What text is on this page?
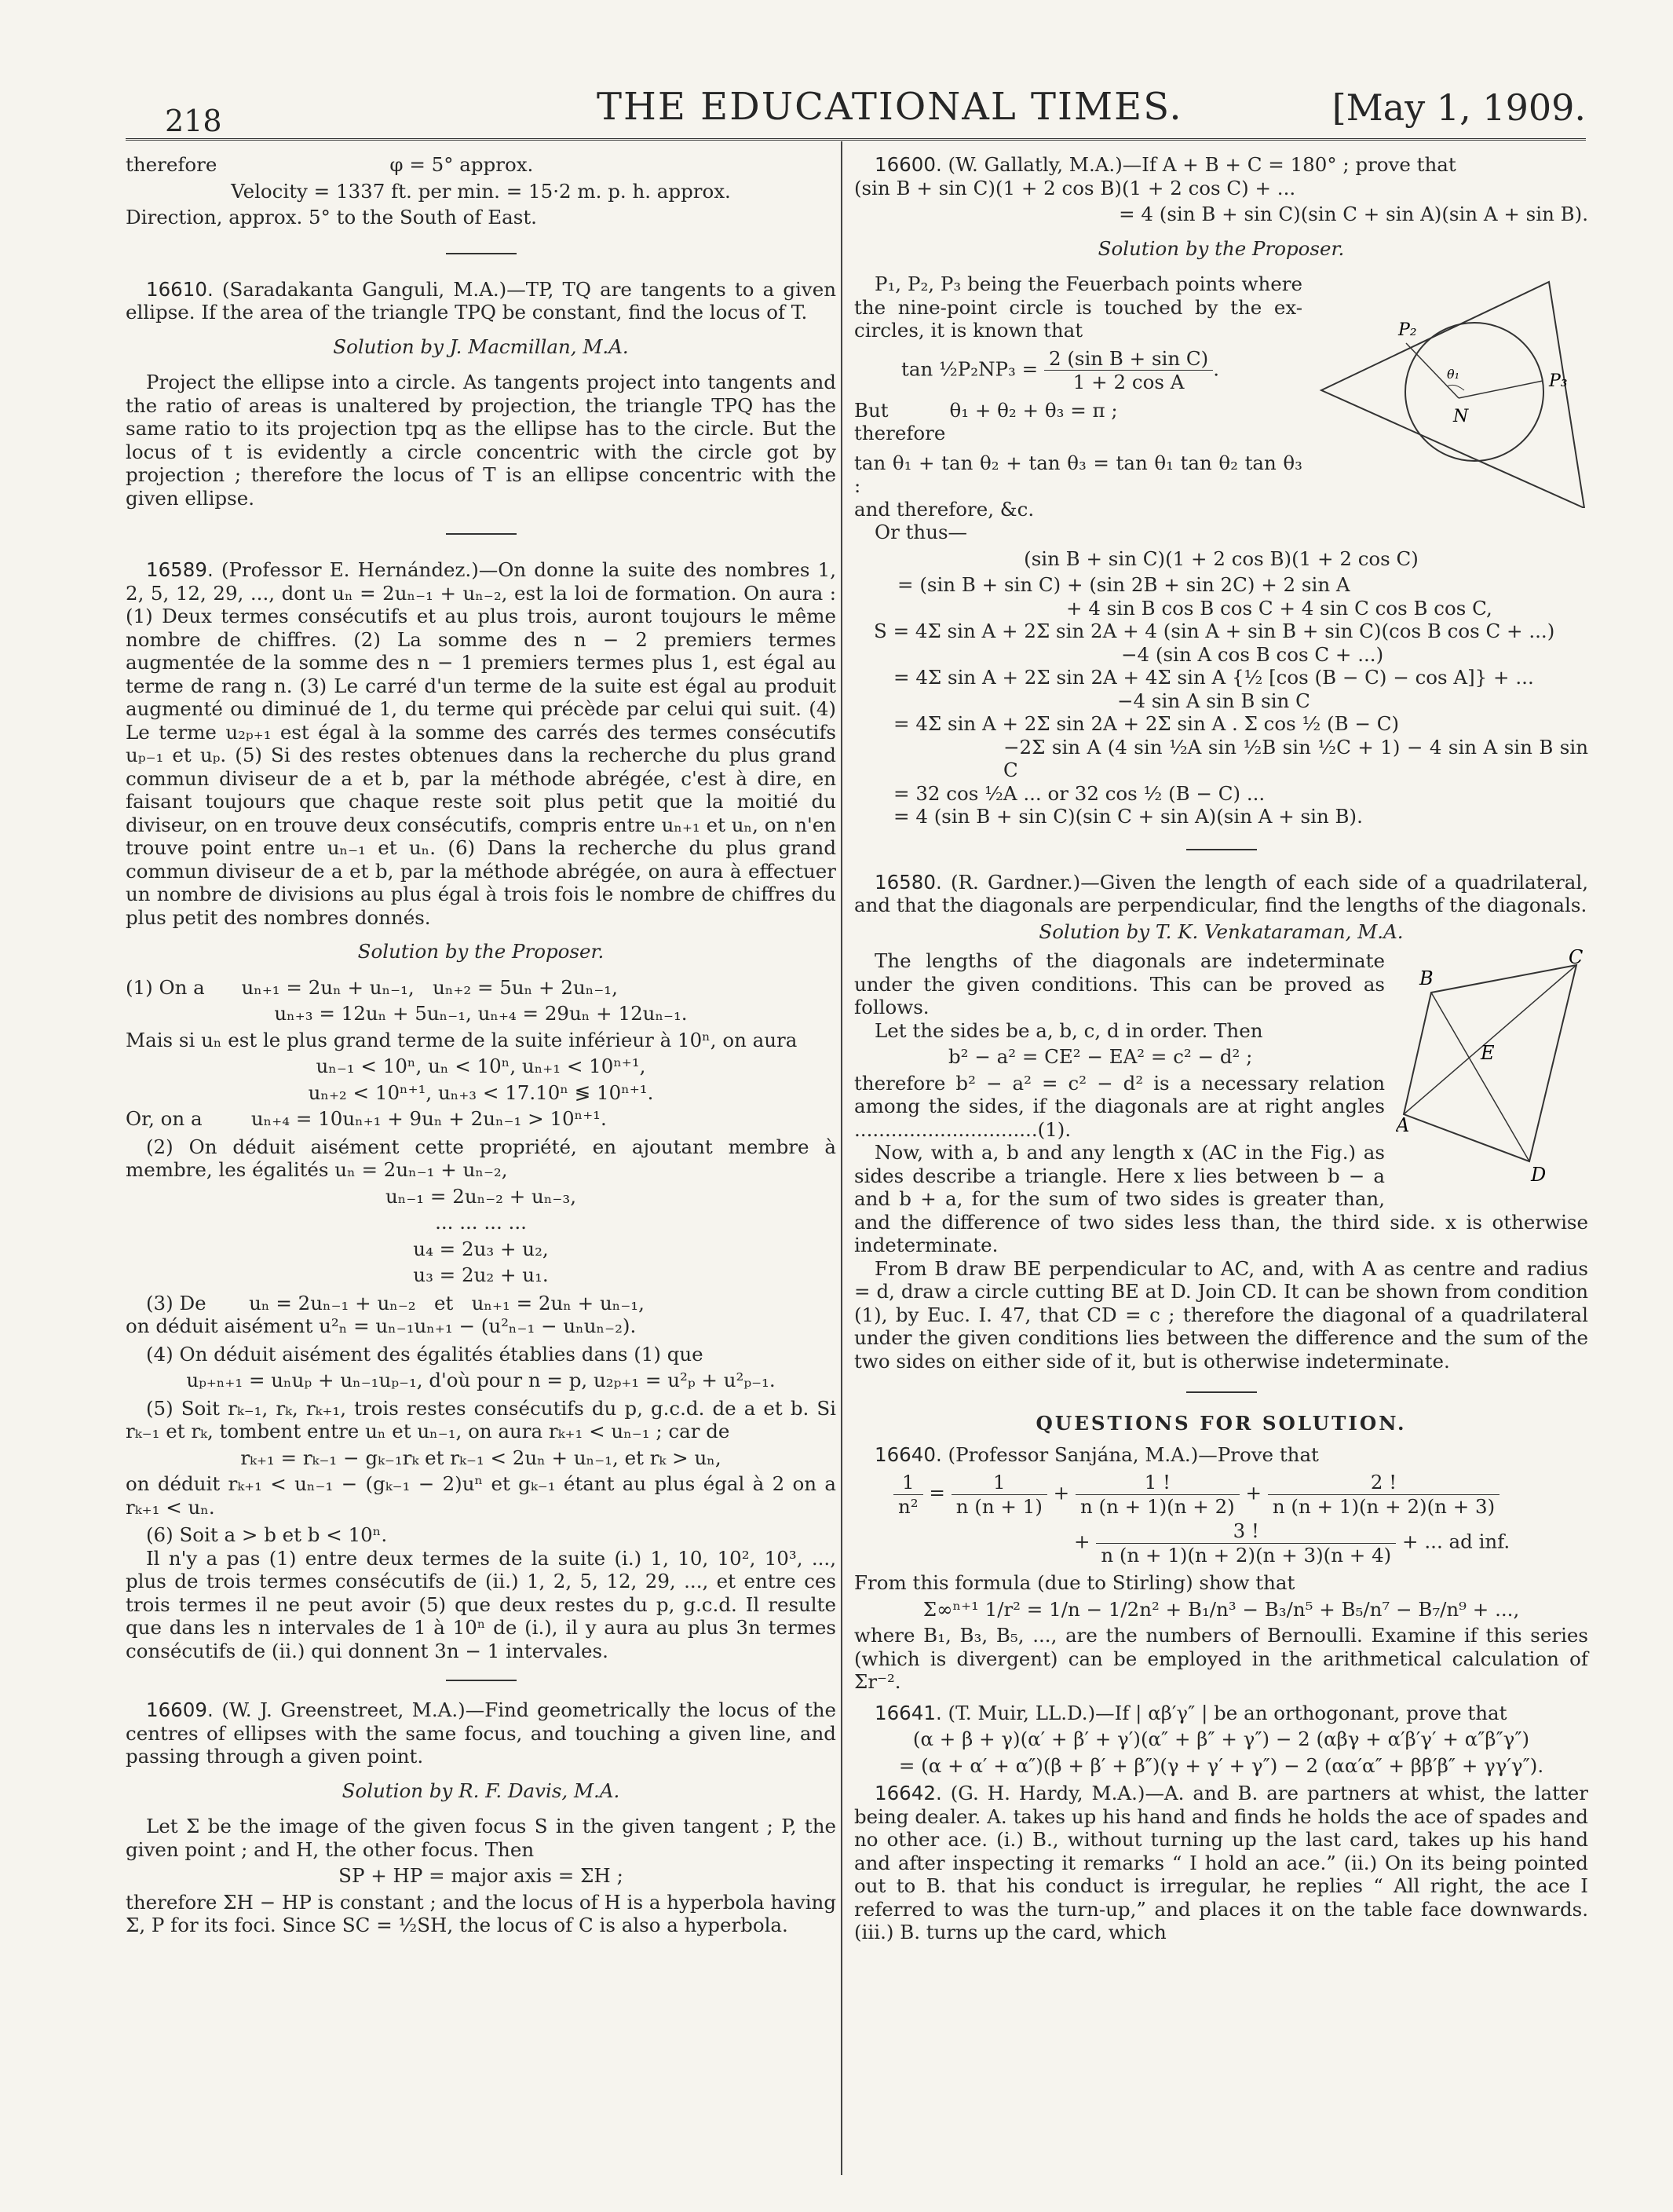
218	THE EDUCATIONAL TIMES.	[May 1, 1909.

therefore	φ = 5° approx.

Velocity = 1337 ft. per min. = 15·2 m. p. h. approx.

Direction, approx. 5° to the South of East.

16610. (Saradakanta Ganguli, M.A.)—TP, TQ are tangents to a given ellipse. If the area of the triangle TPQ be constant, find the locus of T.

Solution by J. Macmillan, M.A.

Project the ellipse into a circle. As tangents project into tangents and the ratio of areas is unaltered by projection, the triangle TPQ has the same ratio to its projection tpq as the ellipse has to the circle. But the locus of t is evidently a circle concentric with the circle got by projection ; therefore the locus of T is an ellipse concentric with the given ellipse.

16589. (Professor E. Hernández.)—On donne la suite des nombres 1, 2, 5, 12, 29, ..., dont uₙ = 2uₙ₋₁ + uₙ₋₂, est la loi de formation. On aura : (1) Deux termes consécutifs et au plus trois, auront toujours le même nombre de chiffres. (2) La somme des n − 2 premiers termes augmentée de la somme des n − 1 premiers termes plus 1, est égal au terme de rang n. (3) Le carré d'un terme de la suite est égal au produit augmenté ou diminué de 1, du terme qui précède par celui qui suit. (4) Le terme u₂ₚ₊₁ est égal à la somme des carrés des termes consécutifs uₚ₋₁ et uₚ. (5) Si des restes obtenues dans la recherche du plus grand commun diviseur de a et b, par la méthode abrégée, c'est à dire, en faisant toujours que chaque reste soit plus petit que la moitié du diviseur, on en trouve deux consécutifs, compris entre uₙ₊₁ et uₙ, on n'en trouve point entre uₙ₋₁ et uₙ. (6) Dans la recherche du plus grand commun diviseur de a et b, par la méthode abrégée, on aura à effectuer un nombre de divisions au plus égal à trois fois le nombre de chiffres du plus petit des nombres donnés.

Solution by the Proposer.

(1) On a      uₙ₊₁ = 2uₙ + uₙ₋₁,   uₙ₊₂ = 5uₙ + 2uₙ₋₁,

uₙ₊₃ = 12uₙ + 5uₙ₋₁, uₙ₊₄ = 29uₙ + 12uₙ₋₁.

Mais si uₙ est le plus grand terme de la suite inférieur à 10ⁿ, on aura

uₙ₋₁ < 10ⁿ, uₙ < 10ⁿ, uₙ₊₁ < 10ⁿ⁺¹,

uₙ₊₂ < 10ⁿ⁺¹, uₙ₊₃ < 17.10ⁿ ≶ 10ⁿ⁺¹.

Or, on a        uₙ₊₄ = 10uₙ₊₁ + 9uₙ + 2uₙ₋₁ > 10ⁿ⁺¹.

(2) On déduit aisément cette propriété, en ajoutant membre à membre, les égalités uₙ = 2uₙ₋₁ + uₙ₋₂,

uₙ₋₁ = 2uₙ₋₂ + uₙ₋₃,

... ... ... ...

u₄ = 2u₃ + u₂,

u₃ = 2u₂ + u₁.

(3) De       uₙ = 2uₙ₋₁ + uₙ₋₂   et   uₙ₊₁ = 2uₙ + uₙ₋₁,

on déduit aisément u²ₙ = uₙ₋₁uₙ₊₁ − (u²ₙ₋₁ − uₙuₙ₋₂).

(4) On déduit aisément des égalités établies dans (1) que

uₚ₊ₙ₊₁ = uₙuₚ + uₙ₋₁uₚ₋₁, d'où pour n = p, u₂ₚ₊₁ = u²ₚ + u²ₚ₋₁.

(5) Soit rₖ₋₁, rₖ, rₖ₊₁, trois restes consécutifs du p, g.c.d. de a et b. Si rₖ₋₁ et rₖ, tombent entre uₙ et uₙ₋₁, on aura rₖ₊₁ < uₙ₋₁ ; car de

rₖ₊₁ = rₖ₋₁ − gₖ₋₁rₖ et rₖ₋₁ < 2uₙ + uₙ₋₁, et rₖ > uₙ,

on déduit rₖ₊₁ < uₙ₋₁ − (gₖ₋₁ − 2)uⁿ et gₖ₋₁ étant au plus égal à 2 on a rₖ₊₁ < uₙ.

(6) Soit a > b et b < 10ⁿ.

Il n'y a pas (1) entre deux termes de la suite (i.) 1, 10, 10², 10³, ..., plus de trois termes consécutifs de (ii.) 1, 2, 5, 12, 29, ..., et entre ces trois termes il ne peut avoir (5) que deux restes du p, g.c.d. Il resulte que dans les n intervales de 1 à 10ⁿ de (i.), il y aura au plus 3n termes consécutifs de (ii.) qui donnent 3n − 1 intervales.

16609. (W. J. Greenstreet, M.A.)—Find geometrically the locus of the centres of ellipses with the same focus, and touching a given line, and passing through a given point.

Solution by R. F. Davis, M.A.

Let Σ be the image of the given focus S in the given tangent ; P, the given point ; and H, the other focus. Then

SP + HP = major axis = ΣH ;

therefore ΣH − HP is constant ; and the locus of H is a hyperbola having Σ, P for its foci. Since SC = ½SH, the locus of C is also a hyperbola.

16600. (W. Gallatly, M.A.)—If A + B + C = 180° ; prove that

(sin B + sin C)(1 + 2 cos B)(1 + 2 cos C) + ...

= 4 (sin B + sin C)(sin C + sin A)(sin A + sin B).

Solution by the Proposer.

P₂
P₃
N
θ₁

P₁, P₂, P₃ being the Feuerbach points where the nine-point circle is touched by the ex-circles, it is known that

tan ½P₂NP₃ = $\frac{\text{2 (sin B + sin C)}}{\text{1 + 2 cos A}}$ .

But          θ₁ + θ₂ + θ₃ = π ;

therefore

tan θ₁ + tan θ₂ + tan θ₃ = tan θ₁ tan θ₂ tan θ₃ :

and therefore, &c.

Or thus—

(sin B + sin C)(1 + 2 cos B)(1 + 2 cos C)

= (sin B + sin C) + (sin 2B + sin 2C) + 2 sin A

+ 4 sin B cos B cos C + 4 sin C cos B cos C,

S = 4Σ sin A + 2Σ sin 2A + 4 (sin A + sin B + sin C)(cos B cos C + ...)

−4 (sin A cos B cos C + ...)

= 4Σ sin A + 2Σ sin 2A + 4Σ sin A {½ [cos (B − C) − cos A]} + ...

−4 sin A sin B sin C

= 4Σ sin A + 2Σ sin 2A + 2Σ sin A . Σ cos ½ (B − C)

−2Σ sin A (4 sin ½A sin ½B sin ½C + 1) − 4 sin A sin B sin C

= 32 cos ½A ... or 32 cos ½ (B − C) ...

= 4 (sin B + sin C)(sin C + sin A)(sin A + sin B).

16580. (R. Gardner.)—Given the length of each side of a quadrilateral, and that the diagonals are perpendicular, find the lengths of the diagonals.

Solution by T. K. Venkataraman, M.A.

A
B
C
D
E

The lengths of the diagonals are indeterminate under the given conditions. This can be proved as follows.

Let the sides be a, b, c, d in order. Then

b² − a² = CE² − EA² = c² − d² ;

therefore b² − a² = c² − d² is a necessary relation among the sides, if the diagonals are at right angles ..............................(1).

Now, with a, b and any length x (AC in the Fig.) as sides describe a triangle. Here x lies between b − a and b + a, for the sum of two sides is greater than, and the difference of two sides less than, the third side. x is otherwise indeterminate.

From B draw BE perpendicular to AC, and, with A as centre and radius = d, draw a circle cutting BE at D. Join CD. It can be shown from condition (1), by Euc. I. 47, that CD = c ; therefore the diagonal of a quadrilateral under the given conditions lies between the difference and the sum of the two sides on either side of it, but is otherwise indeterminate.

QUESTIONS FOR SOLUTION.

16640. (Professor Sanjána, M.A.)—Prove that

$\frac{1}{\text{n²}} = \frac{1}{n (n + 1)} + \frac{1 !}{n (n + 1)(n + 2)} + \frac{2 !}{n (n + 1)(n + 2)(n + 3)}$

+ $\frac{3 !}{n (n + 1)(n + 2)(n + 3)(n + 4)}$ + ... ad inf.

From this formula (due to Stirling) show that

Σ∞ⁿ⁺¹ 1/r² = 1/n − 1/2n² + B₁/n³ − B₃/n⁵ + B₅/n⁷ − B₇/n⁹ + ...,

where B₁, B₃, B₅, ..., are the numbers of Bernoulli. Examine if this series (which is divergent) can be employed in the arithmetical calculation of Σr⁻².

16641. (T. Muir, LL.D.)—If | αβ′γ″ | be an orthogonant, prove that

(α + β + γ)(α′ + β′ + γ′)(α″ + β″ + γ″) − 2 (αβγ + α′β′γ′ + α″β″γ″)

= (α + α′ + α″)(β + β′ + β″)(γ + γ′ + γ″) − 2 (αα′α″ + ββ′β″ + γγ′γ″).

16642. (G. H. Hardy, M.A.)—A. and B. are partners at whist, the latter being dealer. A. takes up his hand and finds he holds the ace of spades and no other ace. (i.) B., without turning up the last card, takes up his hand and after inspecting it remarks “ I hold an ace.” (ii.) On its being pointed out to B. that his conduct is irregular, he replies “ All right, the ace I referred to was the turn-up,” and places it on the table face downwards. (iii.) B. turns up the card, which
